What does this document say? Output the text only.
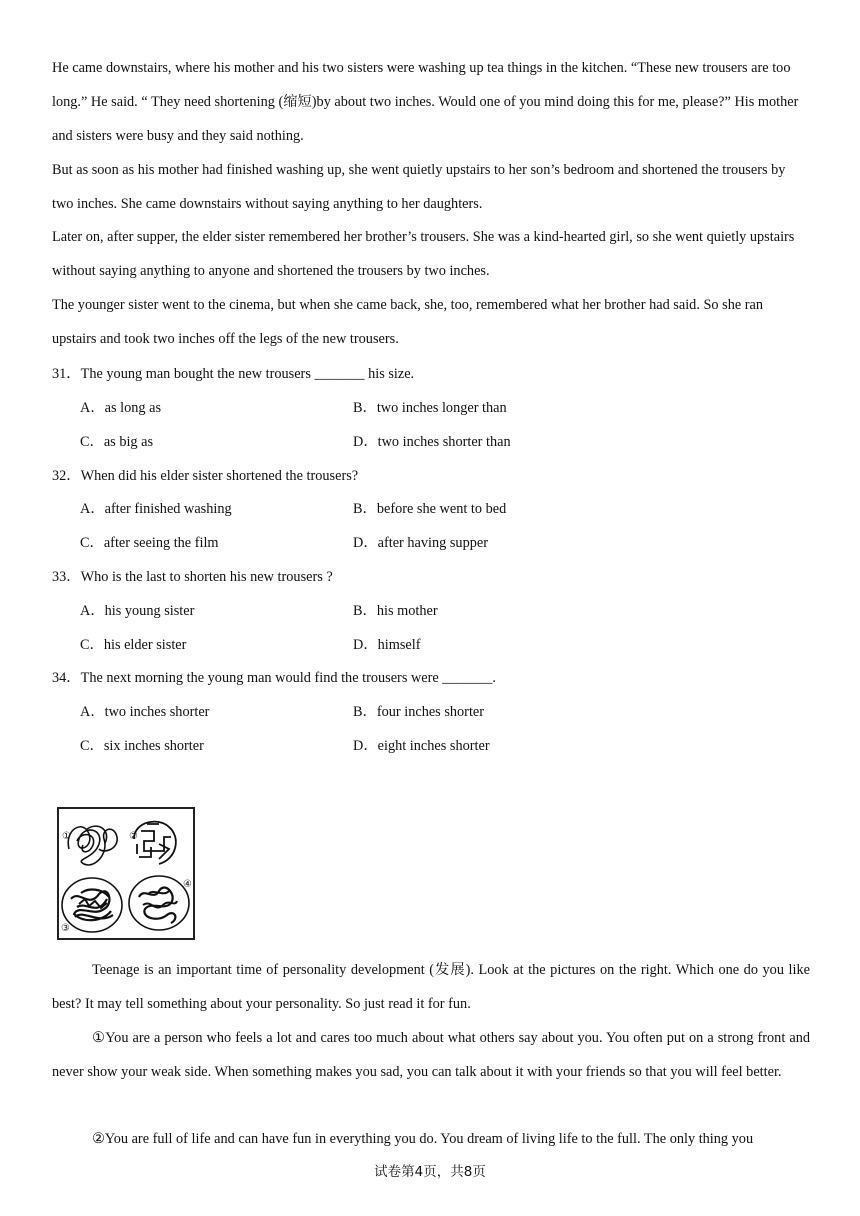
He came downstairs, where his mother and his two sisters were washing up tea things in the kitchen. “These new trousers are too long.” He said. “ They need shortening (缩短)by about two inches. Would one of you mind doing this for me, please?” His mother and sisters were busy and they said nothing.

But as soon as his mother had finished washing up, she went quietly upstairs to her son’s bedroom and shortened the trousers by two inches. She came downstairs without saying anything to her daughters.

Later on, after supper, the elder sister remembered her brother’s trousers. She was a kind-hearted girl, so she went quietly upstairs without saying anything to anyone and shortened the trousers by two inches.

The younger sister went to the cinema, but when she came back, she, too, remembered what her brother had said. So she ran upstairs and took two inches off the legs of the new trousers.

31．The young man bought the new trousers _______ his size.
A．as long as	B．two inches longer than
C．as big as	D．two inches shorter than
32．When did his elder sister shortened the trousers?
A．after finished washing	B．before she went to bed
C．after seeing the film	D．after having supper
33．Who is the last to shorten his new trousers ?
A．his young sister	B．his mother
C．his elder sister	D．himself
34．The next morning the young man would find the trousers were _______.
A．two inches shorter	B．four inches shorter
C．six inches shorter	D．eight inches shorter
①	②
③
④

Teenage is an important time of personality development (发展). Look at the pictures on the right. Which one do you like best? It may tell something about your personality. So just read it for fun.

①You are a person who feels a lot and cares too much about what others say about you. You often put on a strong front and never show your weak side. When something makes you sad, you can talk about it with your friends so that you will feel better.

②You are full of life and can have fun in everything you do. You dream of living life to the full. The only thing you

试卷第4页，共8页
